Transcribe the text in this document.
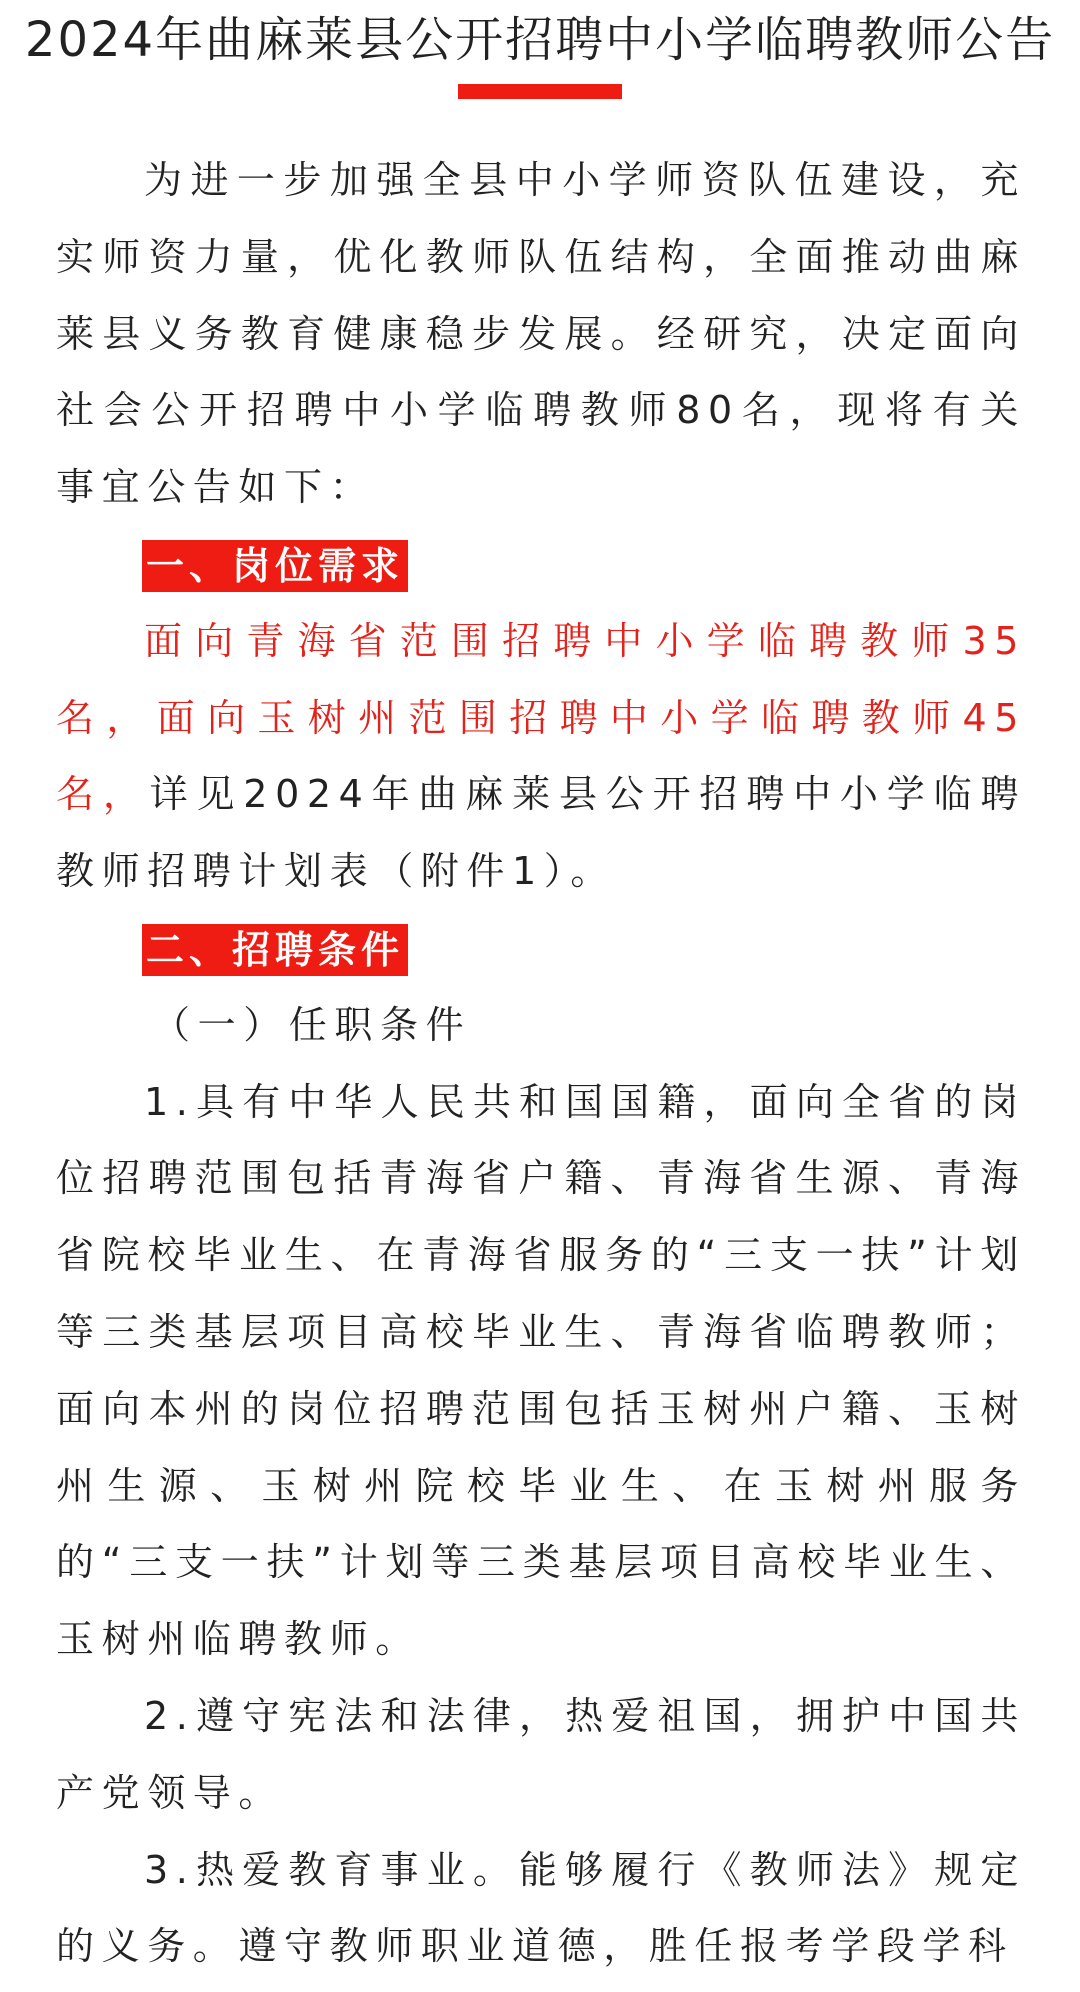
2024年曲麻莱县公开招聘中小学临聘教师公告

为进一步加强全县中小学师资队伍建设，充实师资力量，优化教师队伍结构，全面推动曲麻莱县义务教育健康稳步发展。经研究，决定面向社会公开招聘中小学临聘教师80名，现将有关事宜公告如下：

一、岗位需求

面向青海省范围招聘中小学临聘教师35名，面向玉树州范围招聘中小学临聘教师45名，详见2024年曲麻莱县公开招聘中小学临聘教师招聘计划表（附件1）。

二、招聘条件

（一）任职条件

1.具有中华人民共和国国籍，面向全省的岗位招聘范围包括青海省户籍、青海省生源、青海省院校毕业生、在青海省服务的“三支一扶”计划等三类基层项目高校毕业生、青海省临聘教师；面向本州的岗位招聘范围包括玉树州户籍、玉树州生源、玉树州院校毕业生、在玉树州服务的“三支一扶”计划等三类基层项目高校毕业生、玉树州临聘教师。

2.遵守宪法和法律，热爱祖国，拥护中国共产党领导。

3.热爱教育事业。能够履行《教师法》规定的义务。遵守教师职业道德，胜任报考学段学科
